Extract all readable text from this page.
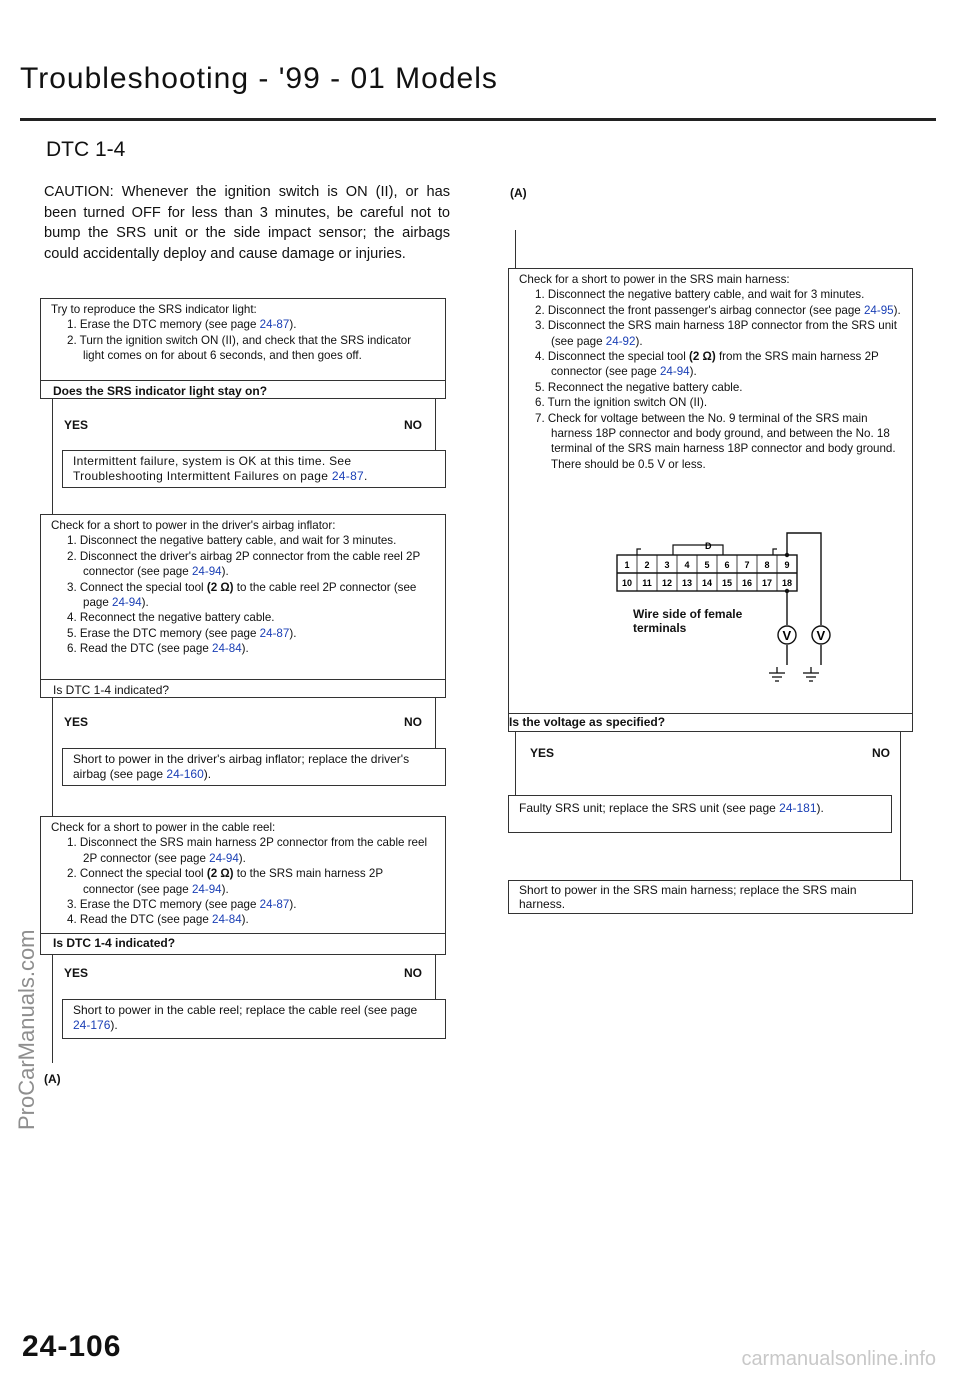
Troubleshooting - '99 - 01 Models
DTC 1-4
CAUTION: Whenever the ignition switch is ON (II), or has been turned OFF for less than 3 minutes, be careful not to bump the SRS unit or the side impact sensor; the airbags could accidentally deploy and cause damage or injuries.

Try to reproduce the SRS indicator light:

1. Erase the DTC memory (see page 24-87).
2. Turn the ignition switch ON (II), and check that the SRS indicator light comes on for about 6 seconds, and then goes off.
Does the SRS indicator light stay on?
YES	NO
Intermittent failure, system is OK at this time. See Troubleshooting Intermittent Failures on page 24-87.

Check for a short to power in the driver's airbag inflator:

1. Disconnect the negative battery cable, and wait for 3 minutes.
2. Disconnect the driver's airbag 2P connector from the cable reel 2P connector (see page 24-94).
3. Connect the special tool (2 Ω) to the cable reel 2P connector (see page 24-94).
4. Reconnect the negative battery cable.
5. Erase the DTC memory (see page 24-87).
6. Read the DTC (see page 24-84).
Is DTC 1-4 indicated?
YES	NO
Short to power in the driver's airbag inflator; replace the driver's airbag (see page 24-160).

Check for a short to power in the cable reel:

1. Disconnect the SRS main harness 2P connector from the cable reel 2P connector (see page 24-94).
2. Connect the special tool (2 Ω) to the SRS main harness 2P connector (see page 24-94).
3. Erase the DTC memory (see page 24-87).
4. Read the DTC (see page 24-84).
Is DTC 1-4 indicated?
YES	NO
Short to power in the cable reel; replace the cable reel (see page 24-176).
(A)
(A)

Check for a short to power in the SRS main harness:

1. Disconnect the negative battery cable, and wait for 3 minutes.
2. Disconnect the front passenger's airbag connector (see page 24-95).
3. Disconnect the SRS main harness 18P connector from the SRS unit (see page 24-92).
4. Disconnect the special tool (2 Ω) from the SRS main harness 2P connector (see page 24-94).
5. Reconnect the negative battery cable.
6. Turn the ignition switch ON (II).
7. Check for voltage between the No. 9 terminal of the SRS main harness 18P connector and body ground, and between the No. 18 terminal of the SRS main harness 18P connector and body ground. There should be 0.5 V or less.
D
1 2 3 4 5 6 7 8 9
10 11 12 13 14 15 16 17 18
V V
Wire side of female
terminals
Is the voltage as specified?
YES	NO
Faulty SRS unit; replace the SRS unit (see page 24-181).
Short to power in the SRS main harness; replace the SRS main harness.
24-106
ProCarManuals.com
carmanualsonline.info
